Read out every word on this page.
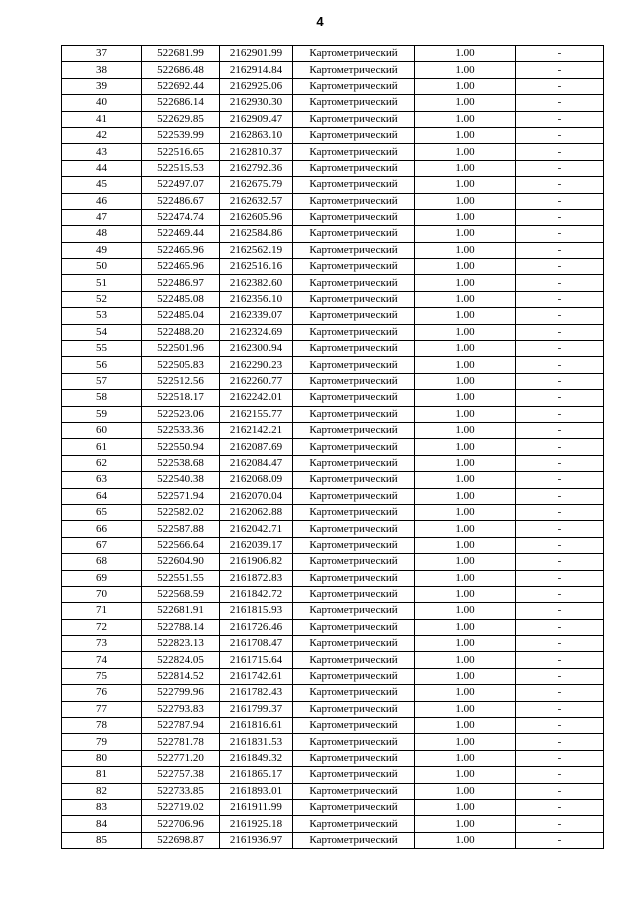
4
37	522681.99	2162901.99	Картометрический	1.00	-
38	522686.48	2162914.84	Картометрический	1.00	-
39	522692.44	2162925.06	Картометрический	1.00	-
40	522686.14	2162930.30	Картометрический	1.00	-
41	522629.85	2162909.47	Картометрический	1.00	-
42	522539.99	2162863.10	Картометрический	1.00	-
43	522516.65	2162810.37	Картометрический	1.00	-
44	522515.53	2162792.36	Картометрический	1.00	-
45	522497.07	2162675.79	Картометрический	1.00	-
46	522486.67	2162632.57	Картометрический	1.00	-
47	522474.74	2162605.96	Картометрический	1.00	-
48	522469.44	2162584.86	Картометрический	1.00	-
49	522465.96	2162562.19	Картометрический	1.00	-
50	522465.96	2162516.16	Картометрический	1.00	-
51	522486.97	2162382.60	Картометрический	1.00	-
52	522485.08	2162356.10	Картометрический	1.00	-
53	522485.04	2162339.07	Картометрический	1.00	-
54	522488.20	2162324.69	Картометрический	1.00	-
55	522501.96	2162300.94	Картометрический	1.00	-
56	522505.83	2162290.23	Картометрический	1.00	-
57	522512.56	2162260.77	Картометрический	1.00	-
58	522518.17	2162242.01	Картометрический	1.00	-
59	522523.06	2162155.77	Картометрический	1.00	-
60	522533.36	2162142.21	Картометрический	1.00	-
61	522550.94	2162087.69	Картометрический	1.00	-
62	522538.68	2162084.47	Картометрический	1.00	-
63	522540.38	2162068.09	Картометрический	1.00	-
64	522571.94	2162070.04	Картометрический	1.00	-
65	522582.02	2162062.88	Картометрический	1.00	-
66	522587.88	2162042.71	Картометрический	1.00	-
67	522566.64	2162039.17	Картометрический	1.00	-
68	522604.90	2161906.82	Картометрический	1.00	-
69	522551.55	2161872.83	Картометрический	1.00	-
70	522568.59	2161842.72	Картометрический	1.00	-
71	522681.91	2161815.93	Картометрический	1.00	-
72	522788.14	2161726.46	Картометрический	1.00	-
73	522823.13	2161708.47	Картометрический	1.00	-
74	522824.05	2161715.64	Картометрический	1.00	-
75	522814.52	2161742.61	Картометрический	1.00	-
76	522799.96	2161782.43	Картометрический	1.00	-
77	522793.83	2161799.37	Картометрический	1.00	-
78	522787.94	2161816.61	Картометрический	1.00	-
79	522781.78	2161831.53	Картометрический	1.00	-
80	522771.20	2161849.32	Картометрический	1.00	-
81	522757.38	2161865.17	Картометрический	1.00	-
82	522733.85	2161893.01	Картометрический	1.00	-
83	522719.02	2161911.99	Картометрический	1.00	-
84	522706.96	2161925.18	Картометрический	1.00	-
85	522698.87	2161936.97	Картометрический	1.00	-
